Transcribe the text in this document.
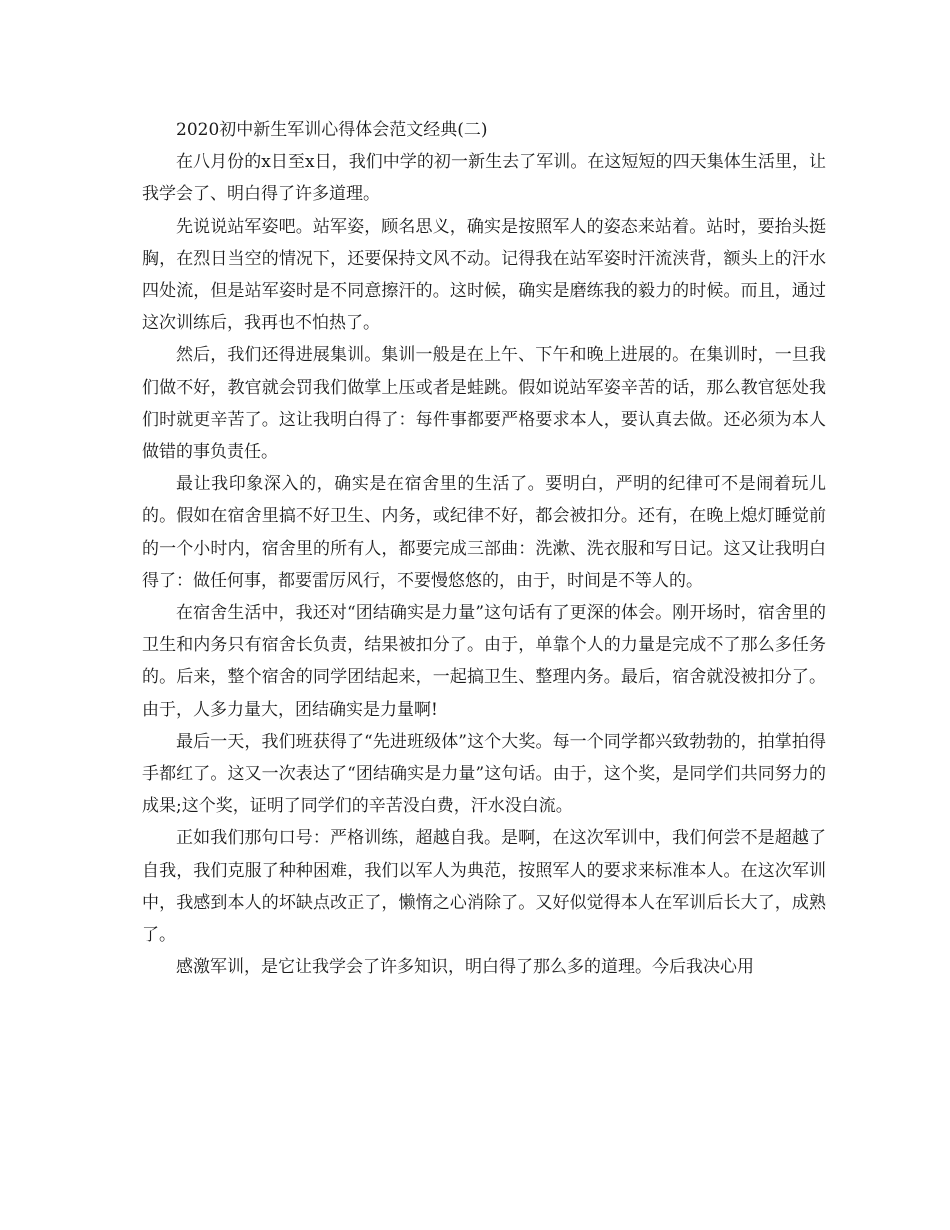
2020初中新生军训心得体会范文经典(二)

在八月份的x日至x日，我们中学的初一新生去了军训。在这短短的四天集体生活里，让我学会了、明白得了许多道理。

先说说站军姿吧。站军姿，顾名思义，确实是按照军人的姿态来站着。站时，要抬头挺胸，在烈日当空的情况下，还要保持文风不动。记得我在站军姿时汗流浃背，额头上的汗水四处流，但是站军姿时是不同意擦汗的。这时候，确实是磨练我的毅力的时候。而且，通过这次训练后，我再也不怕热了。

然后，我们还得进展集训。集训一般是在上午、下午和晚上进展的。在集训时，一旦我们做不好，教官就会罚我们做掌上压或者是蛙跳。假如说站军姿辛苦的话，那么教官惩处我们时就更辛苦了。这让我明白得了：每件事都要严格要求本人，要认真去做。还必须为本人做错的事负责任。

最让我印象深入的，确实是在宿舍里的生活了。要明白，严明的纪律可不是闹着玩儿的。假如在宿舍里搞不好卫生、内务，或纪律不好，都会被扣分。还有，在晚上熄灯睡觉前的一个小时内，宿舍里的所有人，都要完成三部曲：洗漱、洗衣服和写日记。这又让我明白得了：做任何事，都要雷厉风行，不要慢悠悠的，由于，时间是不等人的。

在宿舍生活中，我还对“团结确实是力量”这句话有了更深的体会。刚开场时，宿舍里的卫生和内务只有宿舍长负责，结果被扣分了。由于，单靠个人的力量是完成不了那么多任务的。后来，整个宿舍的同学团结起来，一起搞卫生、整理内务。最后，宿舍就没被扣分了。由于，人多力量大，团结确实是力量啊!

最后一天，我们班获得了“先进班级体”这个大奖。每一个同学都兴致勃勃的，拍掌拍得手都红了。这又一次表达了“团结确实是力量”这句话。由于，这个奖，是同学们共同努力的成果;这个奖，证明了同学们的辛苦没白费，汗水没白流。

正如我们那句口号：严格训练，超越自我。是啊，在这次军训中，我们何尝不是超越了自我，我们克服了种种困难，我们以军人为典范，按照军人的要求来标准本人。在这次军训中，我感到本人的坏缺点改正了，懒惰之心消除了。又好似觉得本人在军训后长大了，成熟了。

感激军训，是它让我学会了许多知识，明白得了那么多的道理。今后我决心用
